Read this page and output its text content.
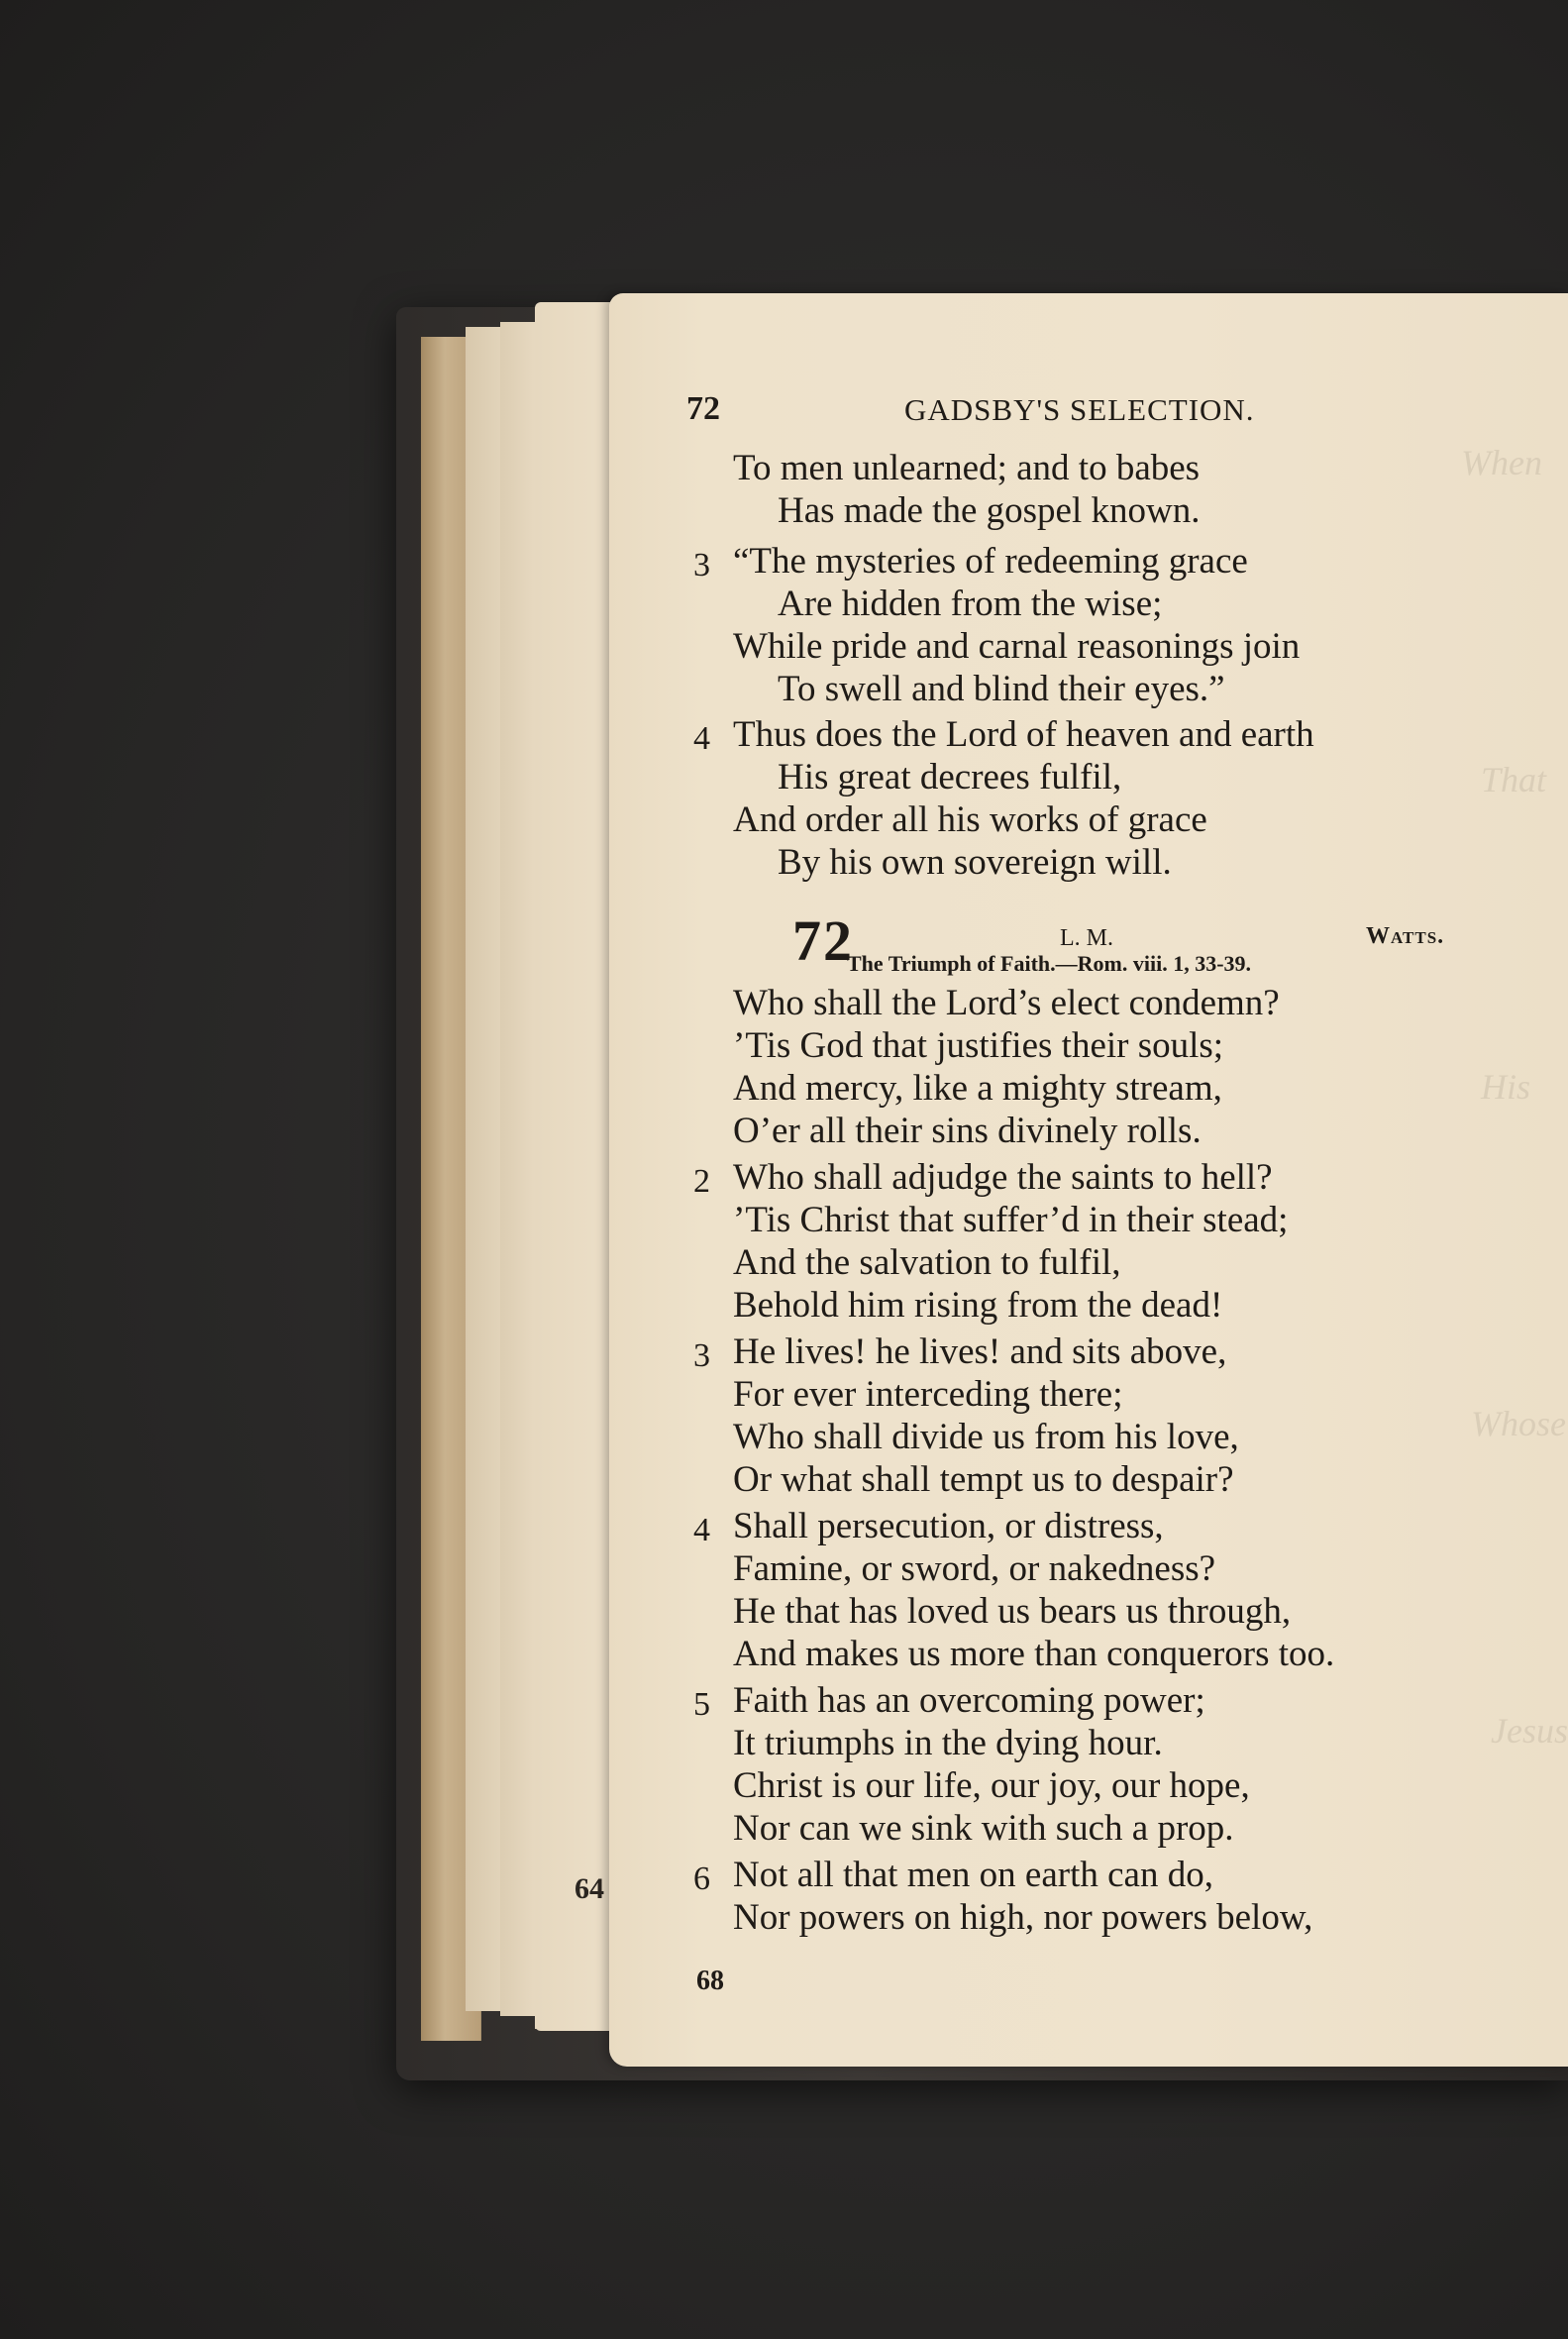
64
When
That
His
Whose
Jesus
72	GADSBY'S SELECTION.
To men unlearned; and to babes
Has made the gospel known.
3 “The mysteries of redeeming grace
Are hidden from the wise;
While pride and carnal reasonings join
To swell and blind their eyes.”
4 Thus does the Lord of heaven and earth
His great decrees fulfil,
And order all his works of grace
By his own sovereign will.
72	L. M.	Watts.
The Triumph of Faith.—Rom. viii. 1, 33-39.
Who shall the Lord’s elect condemn?
’Tis God that justifies their souls;
And mercy, like a mighty stream,
O’er all their sins divinely rolls.
2 Who shall adjudge the saints to hell?
’Tis Christ that suffer’d in their stead;
And the salvation to fulfil,
Behold him rising from the dead!
3 He lives! he lives! and sits above,
For ever interceding there;
Who shall divide us from his love,
Or what shall tempt us to despair?
4 Shall persecution, or distress,
Famine, or sword, or nakedness?
He that has loved us bears us through,
And makes us more than conquerors too.
5 Faith has an overcoming power;
It triumphs in the dying hour.
Christ is our life, our joy, our hope,
Nor can we sink with such a prop.
6 Not all that men on earth can do,
Nor powers on high, nor powers below,
68
